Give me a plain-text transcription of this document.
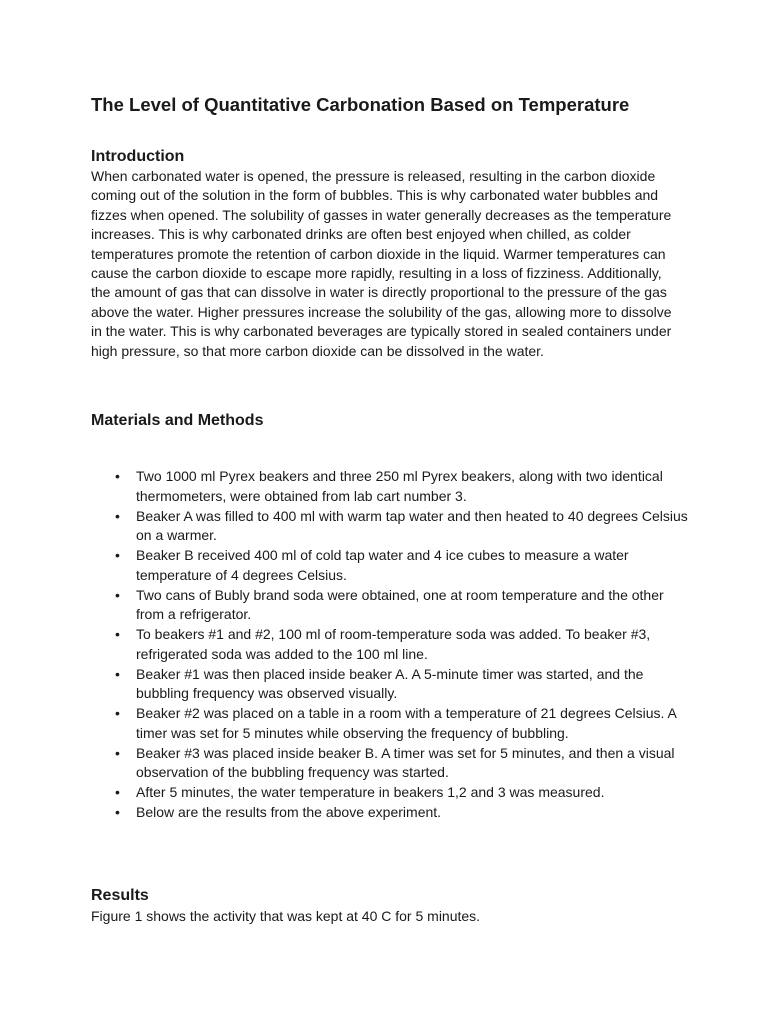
The Level of Quantitative Carbonation Based on Temperature
Introduction

When carbonated water is opened, the pressure is released, resulting in the carbon dioxide coming out of the solution in the form of bubbles. This is why carbonated water bubbles and fizzes when opened. The solubility of gasses in water generally decreases as the temperature increases. This is why carbonated drinks are often best enjoyed when chilled, as colder temperatures promote the retention of carbon dioxide in the liquid. Warmer temperatures can cause the carbon dioxide to escape more rapidly, resulting in a loss of fizziness. Additionally, the amount of gas that can dissolve in water is directly proportional to the pressure of the gas above the water. Higher pressures increase the solubility of the gas, allowing more to dissolve in the water. This is why carbonated beverages are typically stored in sealed containers under high pressure, so that more carbon dioxide can be dissolved in the water.

Materials and Methods
• Two 1000 ml Pyrex beakers and three 250 ml Pyrex beakers, along with two identical thermometers, were obtained from lab cart number 3.
• Beaker A was filled to 400 ml with warm tap water and then heated to 40 degrees Celsius on a warmer.
• Beaker B received 400 ml of cold tap water and 4 ice cubes to measure a water temperature of 4 degrees Celsius.
• Two cans of Bubly brand soda were obtained, one at room temperature and the other from a refrigerator.
• To beakers #1 and #2, 100 ml of room-temperature soda was added. To beaker #3, refrigerated soda was added to the 100 ml line.
• Beaker #1 was then placed inside beaker A. A 5-minute timer was started, and the bubbling frequency was observed visually.
• Beaker #2 was placed on a table in a room with a temperature of 21 degrees Celsius. A timer was set for 5 minutes while observing the frequency of bubbling.
• Beaker #3 was placed inside beaker B. A timer was set for 5 minutes, and then a visual observation of the bubbling frequency was started.
• After 5 minutes, the water temperature in beakers 1,2 and 3 was measured.
• Below are the results from the above experiment.
Results

Figure 1 shows the activity that was kept at 40 C for 5 minutes.
